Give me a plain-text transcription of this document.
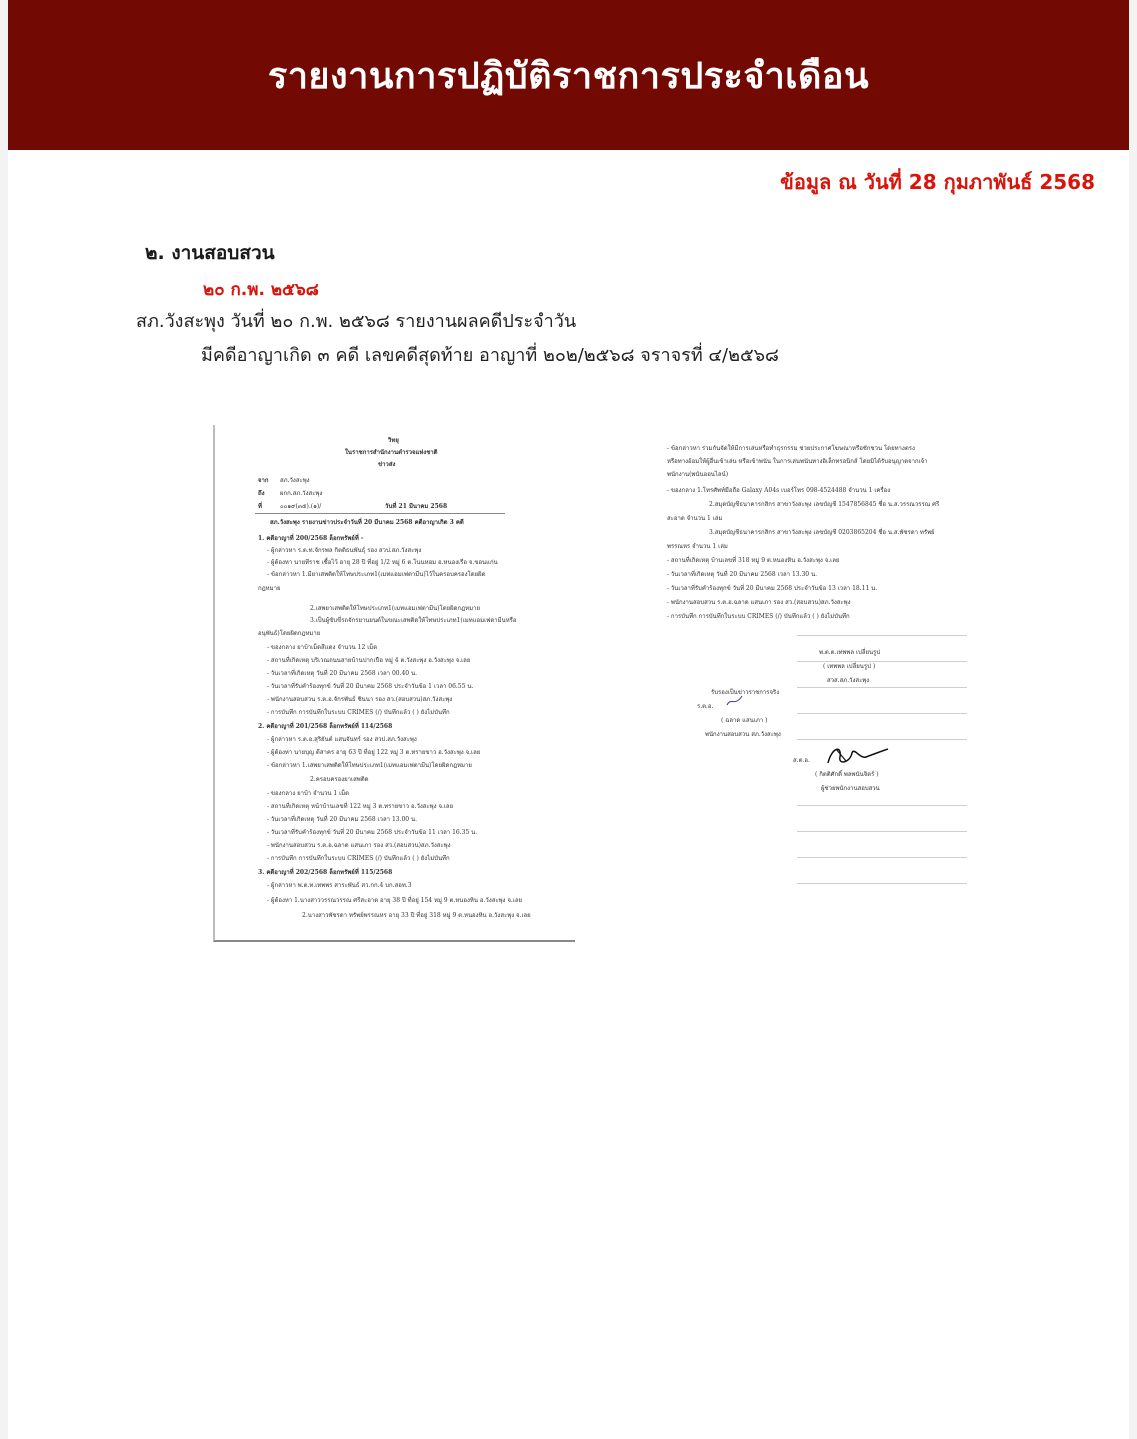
รายงานการปฏิบัติราชการประจำเดือน
ข้อมูล ณ วันที่ 28 กุมภาพันธ์ 2568
๒. งานสอบสวน
๒๐ ก.พ. ๒๕๖๘
สภ.วังสะพุง วันที่ ๒๐ ก.พ. ๒๕๖๘ รายงานผลคดีประจำวัน
มีคดีอาญาเกิด ๓ คดี เลขคดีสุดท้าย อาญาที่ ๒๐๒/๒๕๖๘ จราจรที่ ๔/๒๕๖๘
วิทยุ
ในราชการสำนักงานตำรวจแห่งชาติ
ข่าวส่ง
จาก สภ.วังสะพุง
ถึง	ผกก.สภ.วังสะพุง
ที่	๐๐๑๙(๓๕).(๑)/	วันที่ 21 มีนาคม 2568
สภ.วังสะพุง รายงานข่าวประจำวันที่ 20 มีนาคม 2568 คดีอาญาเกิด 3 คดี
1. คดีอาญาที่ 200/2568 ล็อกทรัพย์ที่ -
- ผู้กล่าวหา ร.ต.ท.จักรพล กิตติธนพันธุ์ รอง สวป.สภ.วังสะพุง
- ผู้ต้องหา นายทีราช เชื้อไว้ อายุ 28 ปี ที่อยู่ 1/2 หมู่ 6 ต.โนนหอม อ.หนองเรือ จ.ขอนแก่น
- ข้อกล่าวหา 1.มียาเสพติดให้โทษประเภท1(เมทแอมเฟตามีน)ไว้ในครอบครองโดยผิด
กฎหมาย
2.เสพยาเสพติดให้โทษประเภท1(เมทแอมเฟตามีน)โดยผิดกฎหมาย
3.เป็นผู้ขับขี่รถจักรยานยนต์ในขณะเสพติดให้โทษประเภท1(เมทแอมเฟตามีนหรือ
อนุพันธ์)โดยผิดกฎหมาย
- ของกลาง ยาบ้าเม็ดสีแดง จำนวน 12 เม็ด
- สถานที่เกิดเหตุ บริเวณถนนสายบ้านปากเปือ หมู่ 4 ต.วังสะพุง อ.วังสะพุง จ.เลย
- วันเวลาที่เกิดเหตุ วันที่ 20 มีนาคม 2568 เวลา 00.40 น.
- วันเวลาที่รับคำร้องทุกข์ วันที่ 20 มีนาคม 2568 ประจำวันข้อ 1 เวลา 06.55 น.
- พนักงานสอบสวน ร.ต.อ.จักรพันธ์ ชินนา รอง สว.(สอบสวน)สภ.วังสะพุง
- การบันทึก การบันทึกในระบบ CRIMES (/) บันทึกแล้ว ( ) ยังไม่บันทึก
2. คดีอาญาที่ 201/2568 ล็อกทรัพย์ที่ 114/2568
- ผู้กล่าวหา ร.ต.อ.สุริยันต์ แสนจันทร์ รอง สวป.สภ.วังสะพุง
- ผู้ต้องหา นายบุญ ดีสาคร อายุ 63 ปี ที่อยู่ 122 หมู่ 3 ต.ทรายขาว อ.วังสะพุง จ.เลย
- ข้อกล่าวหา 1.เสพยาเสพติดให้โทษประเภท1(เมทแอมเฟตามีน)โดยผิดกฎหมาย
2.ครอบครองยาเสพติด
- ของกลาง ยาบ้า จำนวน 1 เม็ด
- สถานที่เกิดเหตุ หน้าบ้านเลขที่ 122 หมู่ 3 ต.ทรายขาว อ.วังสะพุง จ.เลย
- วันเวลาที่เกิดเหตุ วันที่ 20 มีนาคม 2568 เวลา 13.00 น.
- วันเวลาที่รับคำร้องทุกข์ วันที่ 20 มีนาคม 2568 ประจำวันข้อ 11 เวลา 16.35 น.
- พนักงานสอบสวน ร.ต.อ.ฉลาด แสนเภา รอง สว.(สอบสวน)สภ.วังสะพุง
- การบันทึก การบันทึกในระบบ CRIMES (/) บันทึกแล้ว ( ) ยังไม่บันทึก
3. คดีอาญาที่ 202/2568 ล็อกทรัพย์ที่ 115/2568
- ผู้กล่าวหา พ.ต.ท.เทพพร สาระพันธ์ สว.กก.4 บก.สอท.3
- ผู้ต้องหา 1.นางสาววรรณวรรณ ศรีสะอาด อายุ 38 ปี ที่อยู่ 154 หมู่ 9 ต.หนองหิน อ.วังสะพุง จ.เลย
2.นางสาวพัชรดา ทรัพย์พรรณหร อายุ 33 ปี ที่อยู่ 318 หมู่ 9 ต.หนองหิน อ.วังสะพุง จ.เลย
- ข้อกล่าวหา ร่วมกันจัดให้มีการเล่นหรือทำธุรกรรม ช่วยประกาศโฆษณาหรือชักชวน โดยทางตรง
หรือทางอ้อมให้ผู้อื่นเข้าเล่น หรือเข้าพนัน ในการเล่นพนันทางอิเล็กทรอนิกส์ โดยมิได้รับอนุญาตจากเจ้า
พนักงาน(พนันออนไลน์)
- ของกลาง 1.โทรศัพท์มือถือ Galaxy A04s เบอร์โทร 098-4524488 จำนวน 1 เครื่อง
2.สมุดบัญชีธนาคารกสิกร สาขาวังสะพุง เลขบัญชี 1547856845 ชื่อ น.ส.วรรณวรรณ ศรี
สะอาด จำนวน 1 เล่ม
3.สมุดบัญชีธนาคารกสิกร สาขาวังสะพุง เลขบัญชี 0203865204 ชื่อ น.ส.พัชรดา ทรัพย์
พรรณหร จำนวน 1 เล่ม
- สถานที่เกิดเหตุ บ้านเลขที่ 318 หมู่ 9 ต.หนองหิน อ.วังสะพุง จ.เลย
- วันเวลาที่เกิดเหตุ วันที่ 20 มีนาคม 2568 เวลา 13.30 น.
- วันเวลาที่รับคำร้องทุกข์ วันที่ 20 มีนาคม 2568 ประจำวันข้อ 13 เวลา 18.11 น.
- พนักงานสอบสวน ร.ต.อ.ฉลาด แสนเภา รอง สว.(สอบสวน)สภ.วังสะพุง
- การบันทึก การบันทึกในระบบ CRIMES (/) บันทึกแล้ว ( ) ยังไม่บันทึก
พ.ต.ต.เทพพล เปลี่ยนรูป
( เทพพล เปลี่ยนรูป )
สวส.สภ.วังสะพุง
รับรองเป็นข่าวราชการจริง
ร.ต.อ.
( ฉลาด แสนเภา )
พนักงานสอบสวน สภ.วังสะพุง
ส.ต.อ.
( กิตติศักดิ์ พลพนันจิตร์ )
ผู้ช่วยพนักงานสอบสวน
